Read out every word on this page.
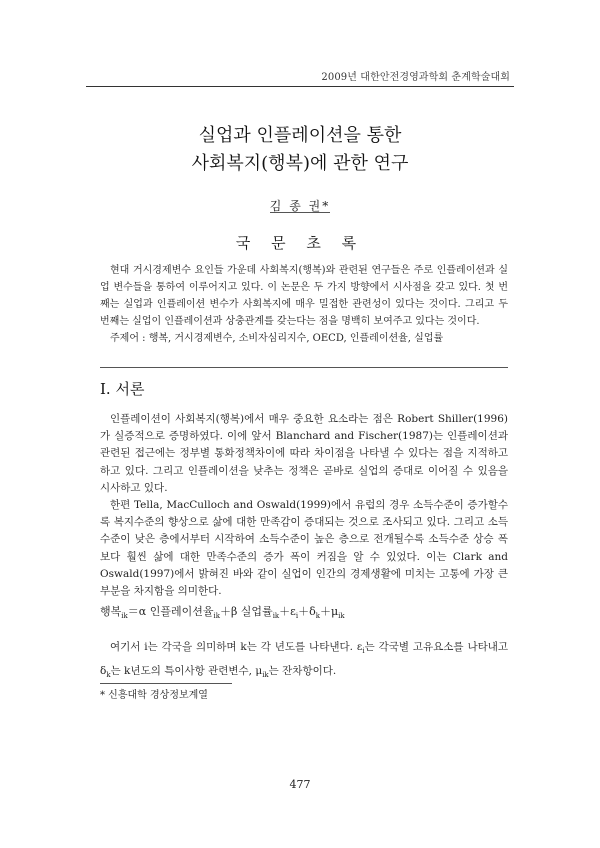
2009년 대한안전경영과학회 춘계학술대회
실업과 인플레이션을 통한
사회복지(행복)에 관한 연구
김 종 권*
국 문 초 록

현대 거시경제변수 요인들 가운데 사회복지(행복)와 관련된 연구들은 주로 인플레이션과 실업 변수들을 통하여 이루어지고 있다. 이 논문은 두 가지 방향에서 시사점을 갖고 있다. 첫 번째는 실업과 인플레이션 변수가 사회복지에 매우 밀접한 관련성이 있다는 것이다. 그리고 두 번째는 실업이 인플레이션과 상충관계를 갖는다는 점을 명백히 보여주고 있다는 것이다.

주제어 : 행복, 거시경제변수, 소비자심리지수, OECD, 인플레이션율, 실업률

Ⅰ. 서론

인플레이션이 사회복지(행복)에서 매우 중요한 요소라는 점은 Robert Shiller(1996)가 실증적으로 증명하였다. 이에 앞서 Blanchard and Fischer(1987)는 인플레이션과 관련된 접근에는 정부별 통화정책차이에 따라 차이점을 나타낼 수 있다는 점을 지적하고 하고 있다. 그리고 인플레이션을 낮추는 정책은 곧바로 실업의 증대로 이어질 수 있음을 시사하고 있다.

한편 Tella, MacCulloch and Oswald(1999)에서 유럽의 경우 소득수준이 증가할수록 복지수준의 향상으로 삶에 대한 만족감이 증대되는 것으로 조사되고 있다. 그리고 소득수준이 낮은 층에서부터 시작하여 소득수준이 높은 층으로 전개될수록 소득수준 상승 폭보다 훨씬 삶에 대한 만족수준의 증가 폭이 커짐을 알 수 있었다. 이는 Clark and Oswald(1997)에서 밝혀진 바와 같이 실업이 인간의 경제생활에 미치는 고통에 가장 큰 부분을 차지함을 의미한다.

행복$_{ik}$＝α 인플레이션율$_{ik}$＋β 실업률$_{ik}+\varepsilon_i+\delta_k+\mu_{ik}$

여기서 i는 각국을 의미하며 k는 각 년도를 나타낸다. $\varepsilon_i$는 각국별 고유요소를 나타내고 $\delta_k$는 k년도의 특이사항 관련변수, $\mu_{ik}$는 잔차항이다.

* 신흥대학 경상정보계열
477
